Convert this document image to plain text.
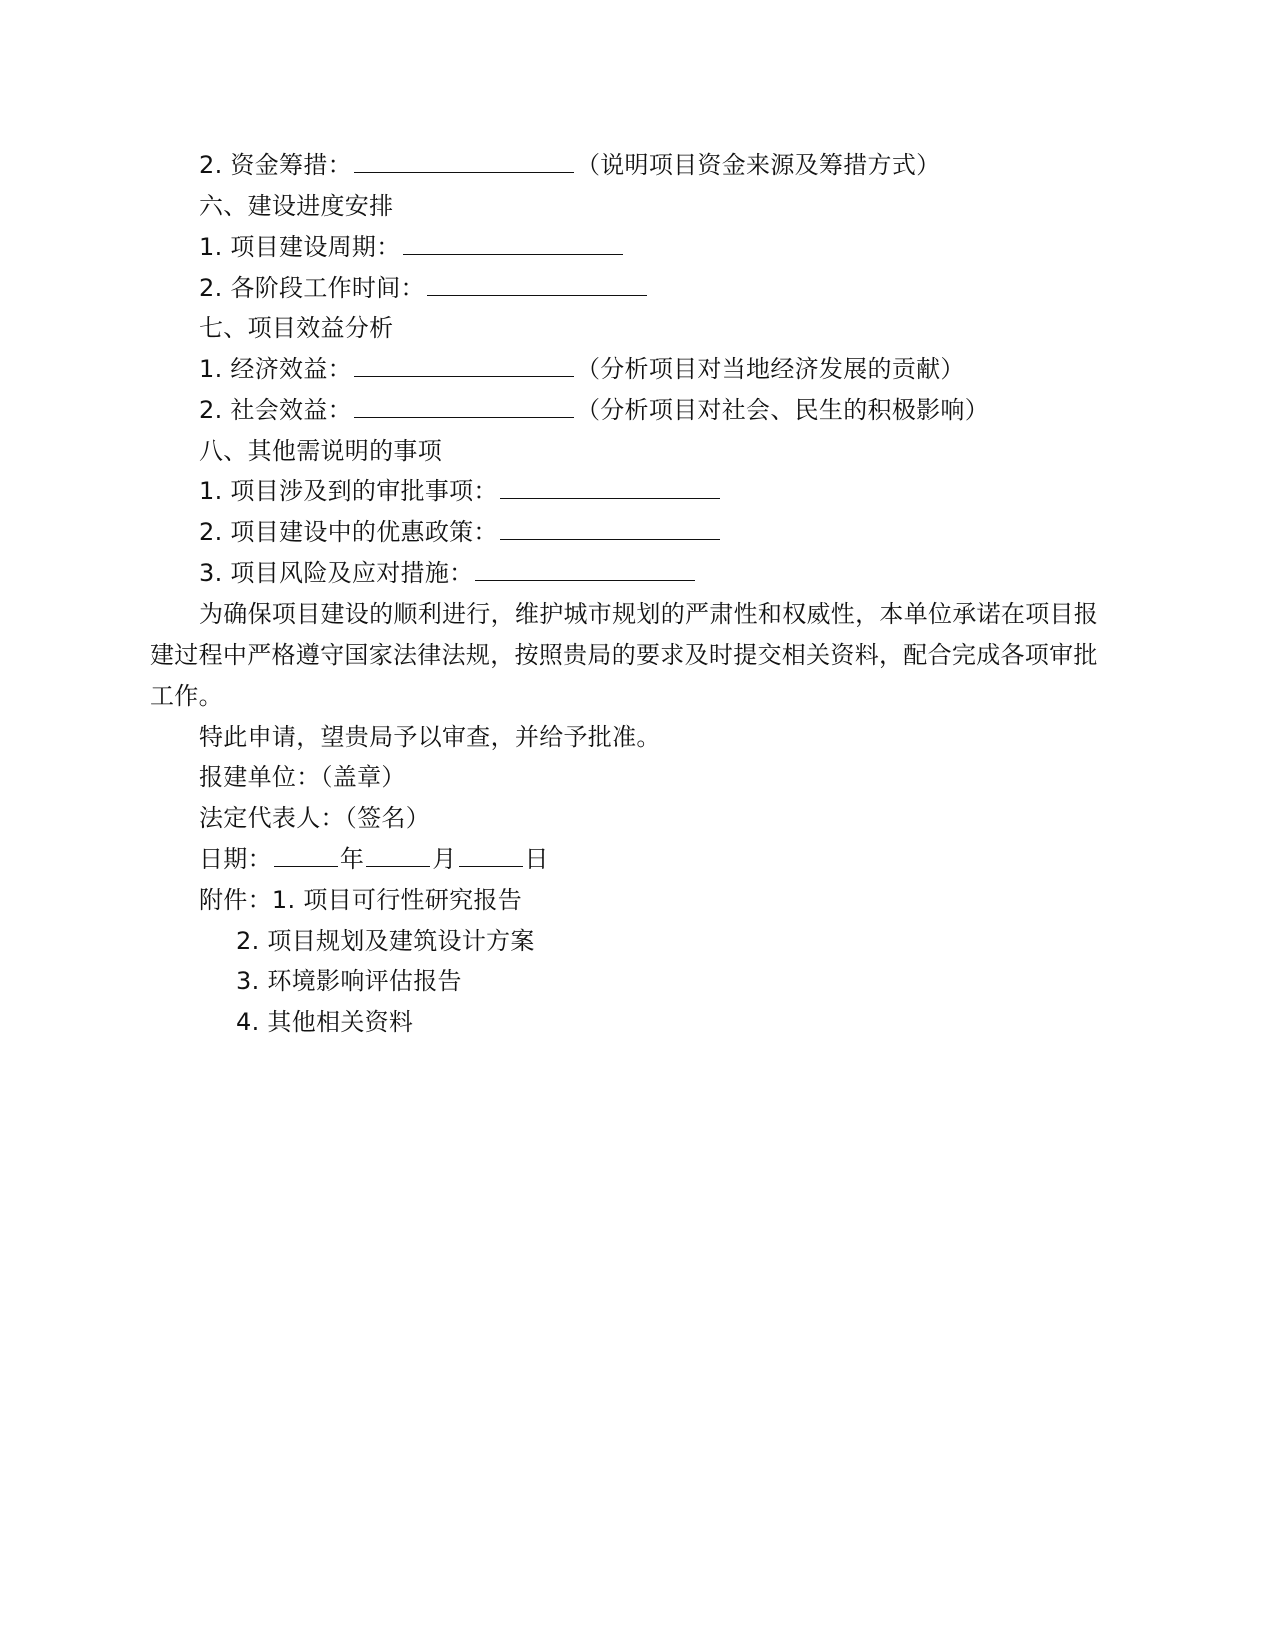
2. 资金筹措：	（说明项目资金来源及筹措方式）
六、建设进度安排
1. 项目建设周期：
2. 各阶段工作时间：
七、项目效益分析
1. 经济效益：	（分析项目对当地经济发展的贡献）
2. 社会效益：	（分析项目对社会、民生的积极影响）
八、其他需说明的事项
1. 项目涉及到的审批事项：
2. 项目建设中的优惠政策：
3. 项目风险及应对措施：
为确保项目建设的顺利进行，维护城市规划的严肃性和权威性，本单位承诺在项目报
建过程中严格遵守国家法律法规，按照贵局的要求及时提交相关资料，配合完成各项审批
工作。
特此申请，望贵局予以审查，并给予批准。
报建单位：（盖章）
法定代表人：（签名）
日期：	年	月	日
附件：1. 项目可行性研究报告
2. 项目规划及建筑设计方案
3. 环境影响评估报告
4. 其他相关资料
